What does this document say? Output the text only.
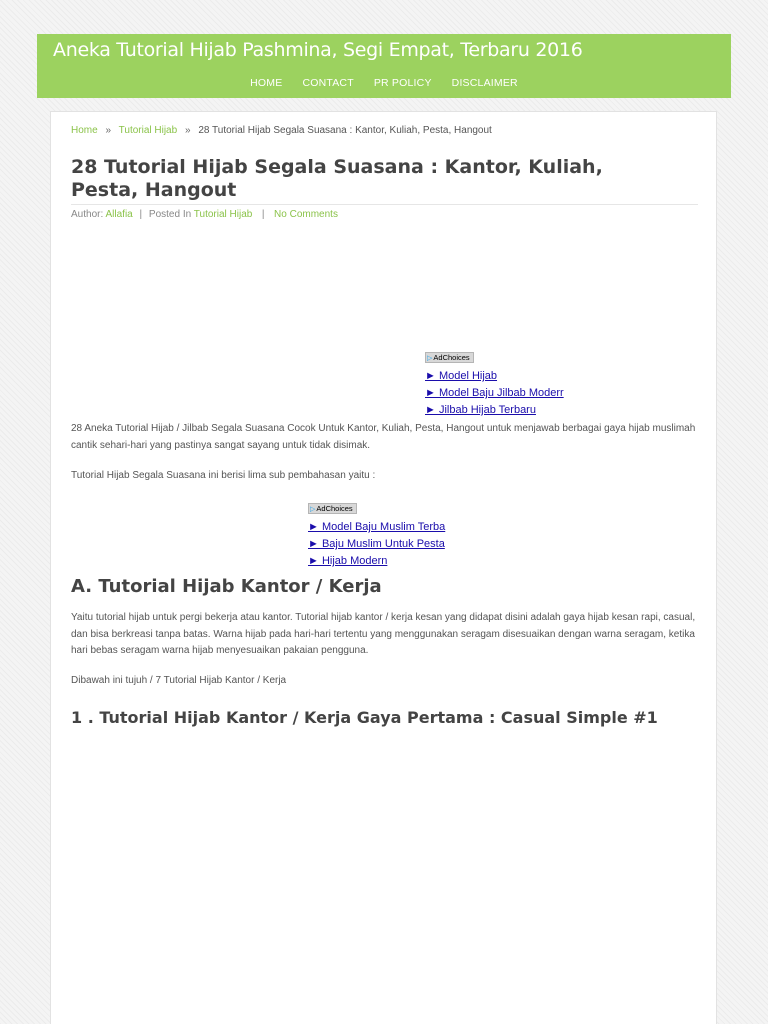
Aneka Tutorial Hijab Pashmina, Segi Empat, Terbaru 2016
HOME CONTACT PR POLICY DISCLAIMER
Home » Tutorial Hijab » 28 Tutorial Hijab Segala Suasana : Kantor, Kuliah, Pesta, Hangout
28 Tutorial Hijab Segala Suasana : Kantor, Kuliah, Pesta, Hangout
Author: Allafia | Posted In Tutorial Hijab  |  No Comments
▷AdChoices
► Model Hijab
► Model Baju Jilbab Moderr
► Jilbab Hijab Terbaru

28 Aneka Tutorial Hijab / Jilbab Segala Suasana Cocok Untuk Kantor, Kuliah, Pesta, Hangout untuk menjawab berbagai gaya hijab muslimah cantik sehari-hari yang pastinya sangat sayang untuk tidak disimak.

Tutorial Hijab Segala Suasana ini berisi lima sub pembahasan yaitu :

▷AdChoices
► Model Baju Muslim Terba
► Baju Muslim Untuk Pesta
► Hijab Modern
A. Tutorial Hijab Kantor / Kerja

Yaitu tutorial hijab untuk pergi bekerja atau kantor. Tutorial hijab kantor / kerja kesan yang didapat disini adalah gaya hijab kesan rapi, casual, dan bisa berkreasi tanpa batas. Warna hijab pada hari-hari tertentu yang menggunakan seragam disesuaikan dengan warna seragam, ketika hari bebas seragam warna hijab menyesuaikan pakaian pengguna.

Dibawah ini tujuh / 7 Tutorial Hijab Kantor / Kerja

1 . Tutorial Hijab Kantor / Kerja Gaya Pertama : Casual Simple #1
